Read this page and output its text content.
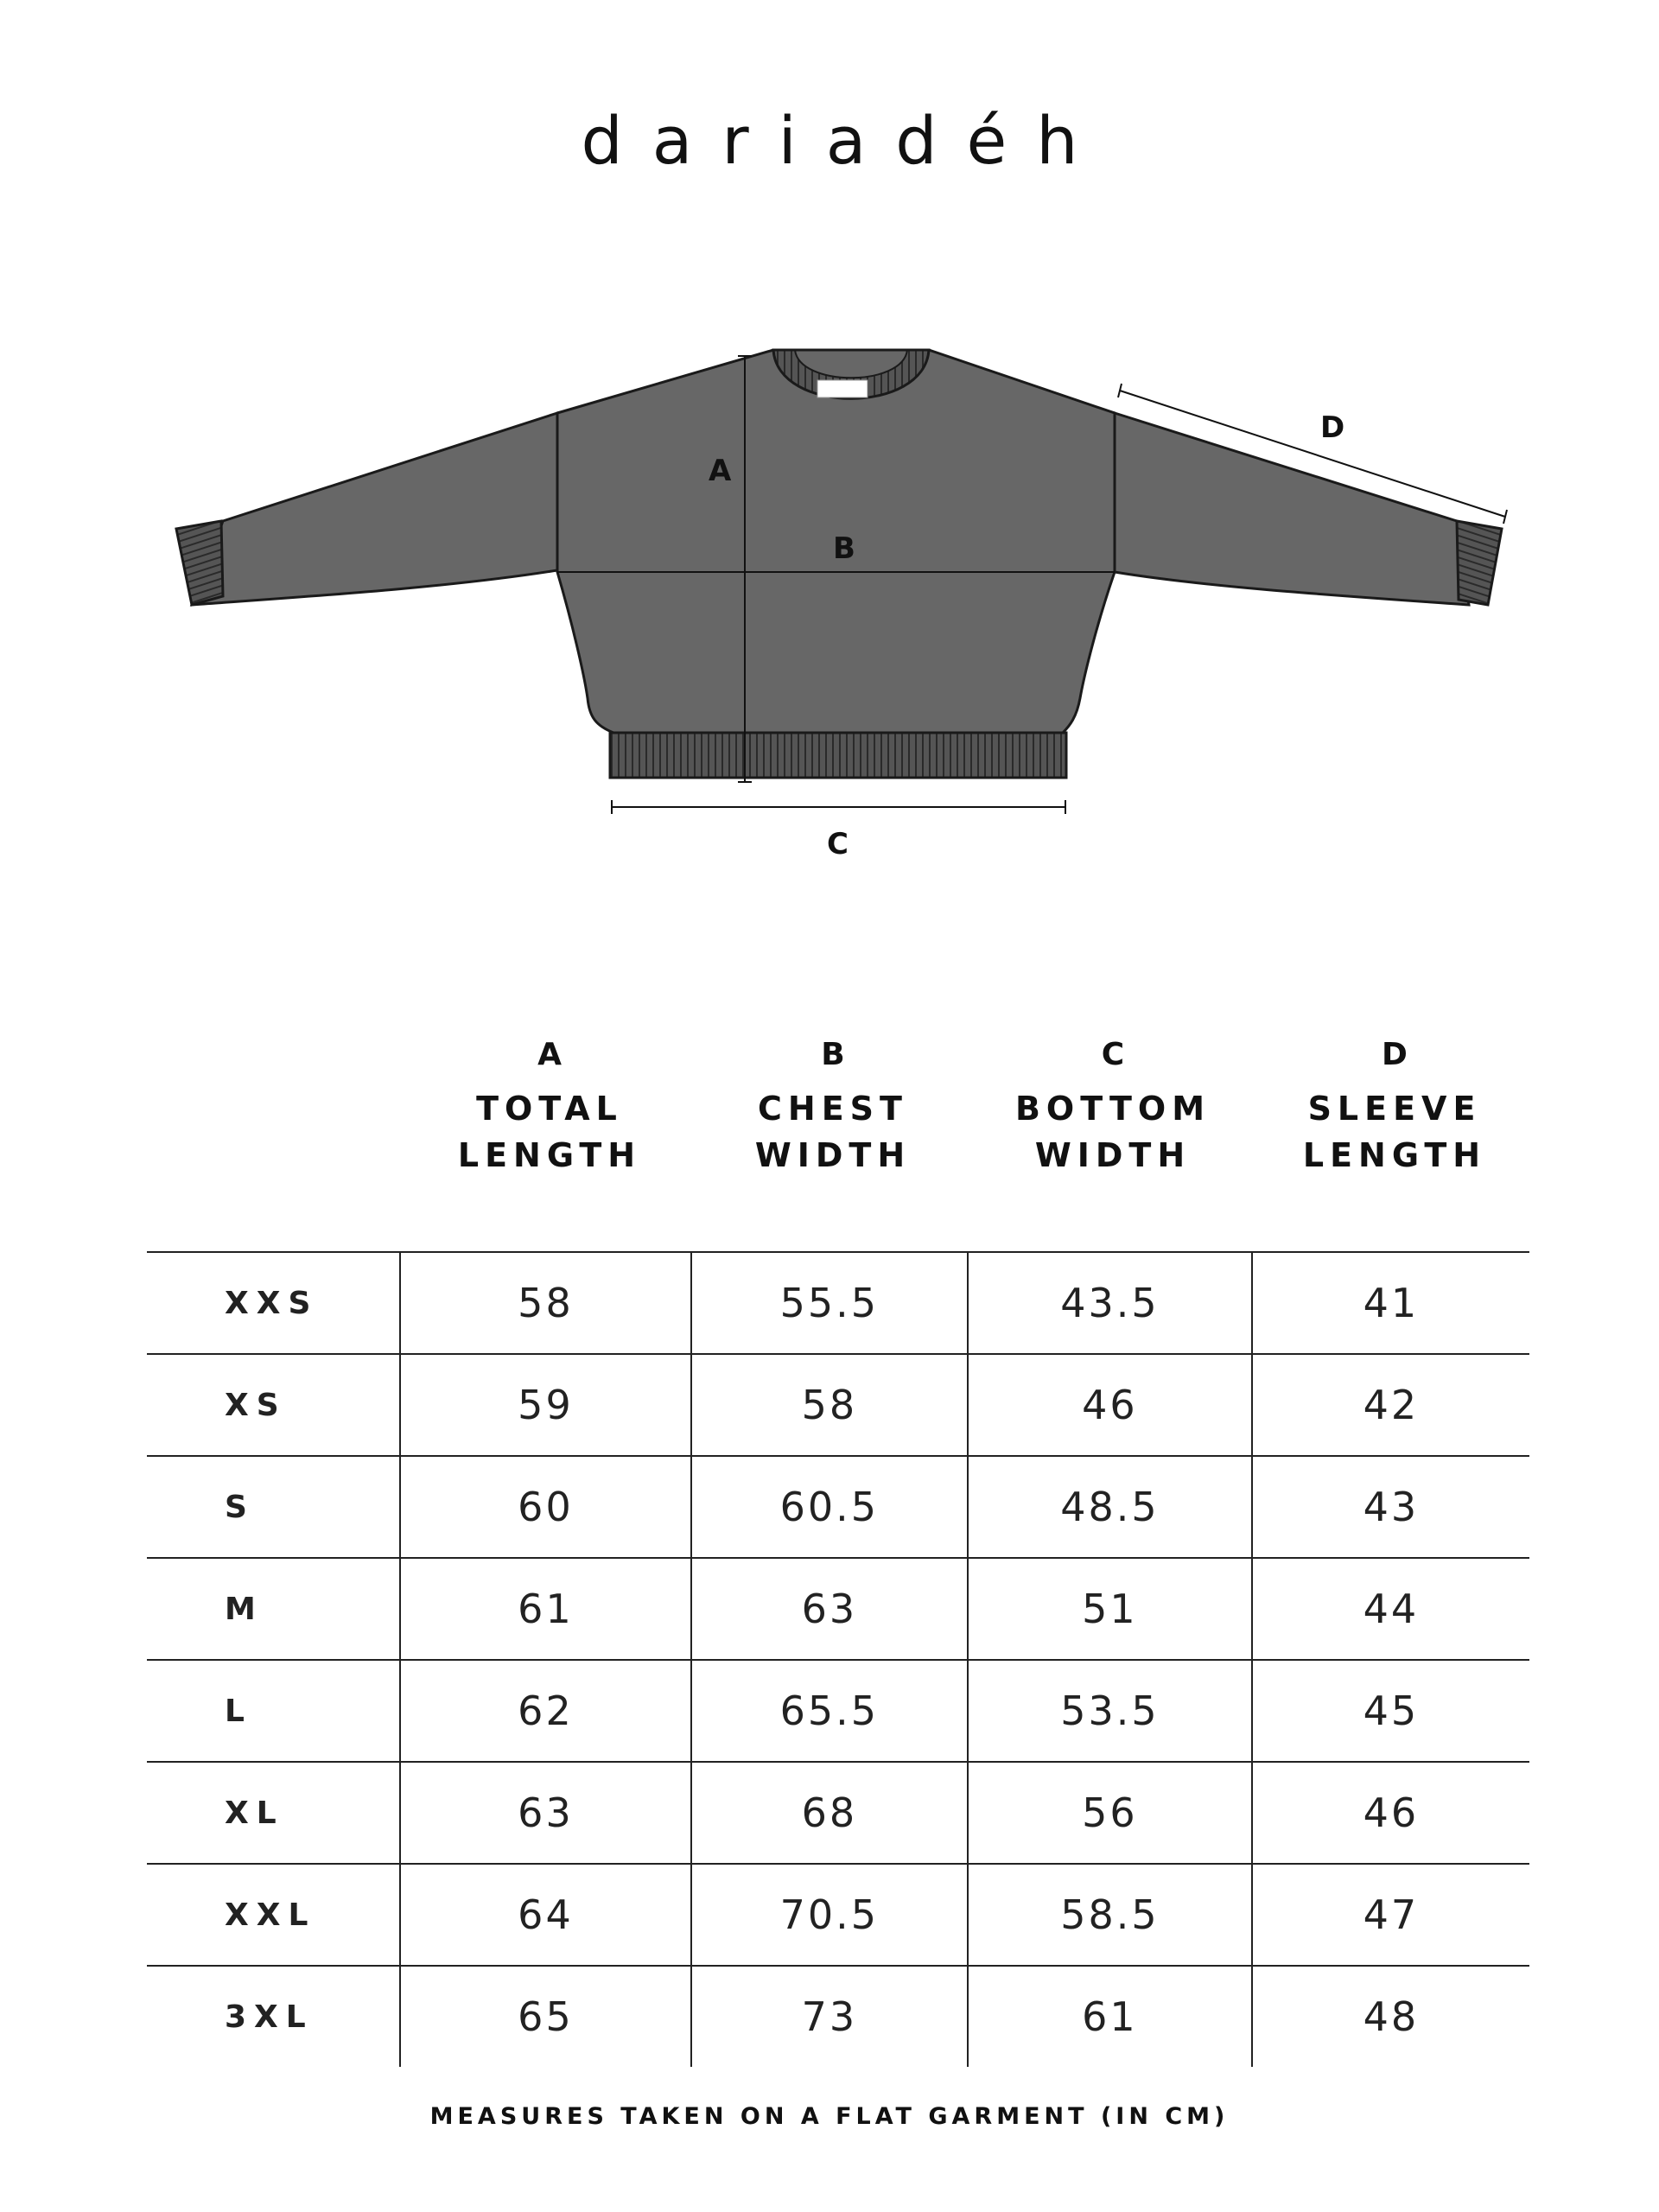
dariadéh
A
B
C
D
A
TOTAL
LENGTH
B
CHEST
WIDTH
C
BOTTOM
WIDTH
D
SLEEVE
LENGTH
XXS	58	55.5	43.5	41
XS	59	58	46	42
S	60	60.5	48.5	43
M	61	63	51	44
L	62	65.5	53.5	45
XL	63	68	56	46
XXL	64	70.5	58.5	47
3XL	65	73	61	48
MEASURES TAKEN ON A FLAT GARMENT (IN CM)
